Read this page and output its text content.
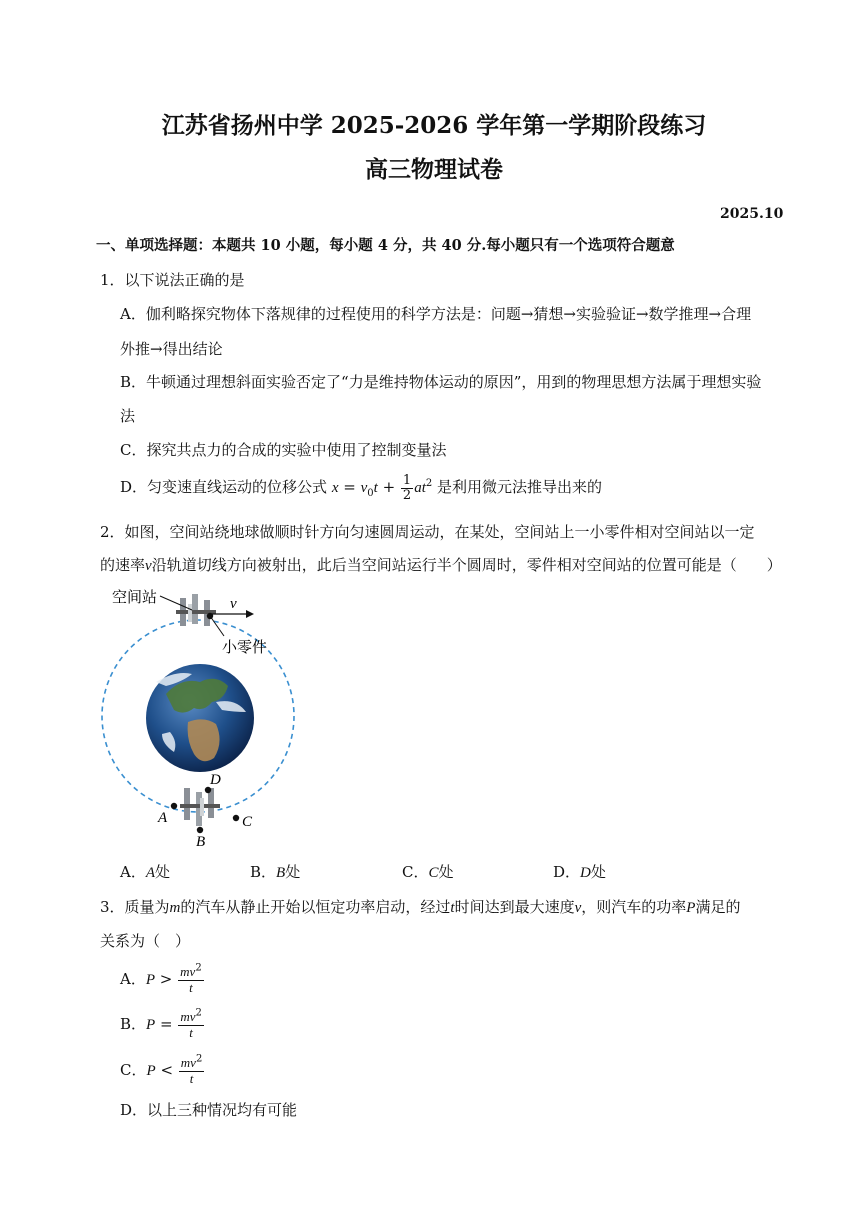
江苏省扬州中学 2025-2026 学年第一学期阶段练习
高三物理试卷
2025.10
一、单项选择题：本题共 10 小题，每小题 4 分，共 40 分.每小题只有一个选项符合题意
1．以下说法正确的是
A．伽利略探究物体下落规律的过程使用的科学方法是：问题→猜想→实验验证→数学推理→合理
外推→得出结论
B．牛顿通过理想斜面实验否定了“力是维持物体运动的原因”，用到的物理思想方法属于理想实验
法
C．探究共点力的合成的实验中使用了控制变量法
D．匀变速直线运动的位移公式 $x = v_0t + \frac{1}{2} at^2$ 是利用微元法推导出来的
2．如图，空间站绕地球做顺时针方向匀速圆周运动，在某处，空间站上一小零件相对空间站以一定
的速率v沿轨道切线方向被射出，此后当空间站运行半个圆周时，零件相对空间站的位置可能是（　　）
v
空间站
小零件
A
B
C
D
A．A处	B．B处	C．C处	D．D处
3．质量为m的汽车从静止开始以恒定功率启动，经过t时间达到最大速度v，则汽车的功率P满足的
关系为（　）
A．$P > \frac{mv^2}{t}$
B．$P = \frac{mv^2}{t}$
C．$P < \frac{mv^2}{t}$
D．以上三种情况均有可能
